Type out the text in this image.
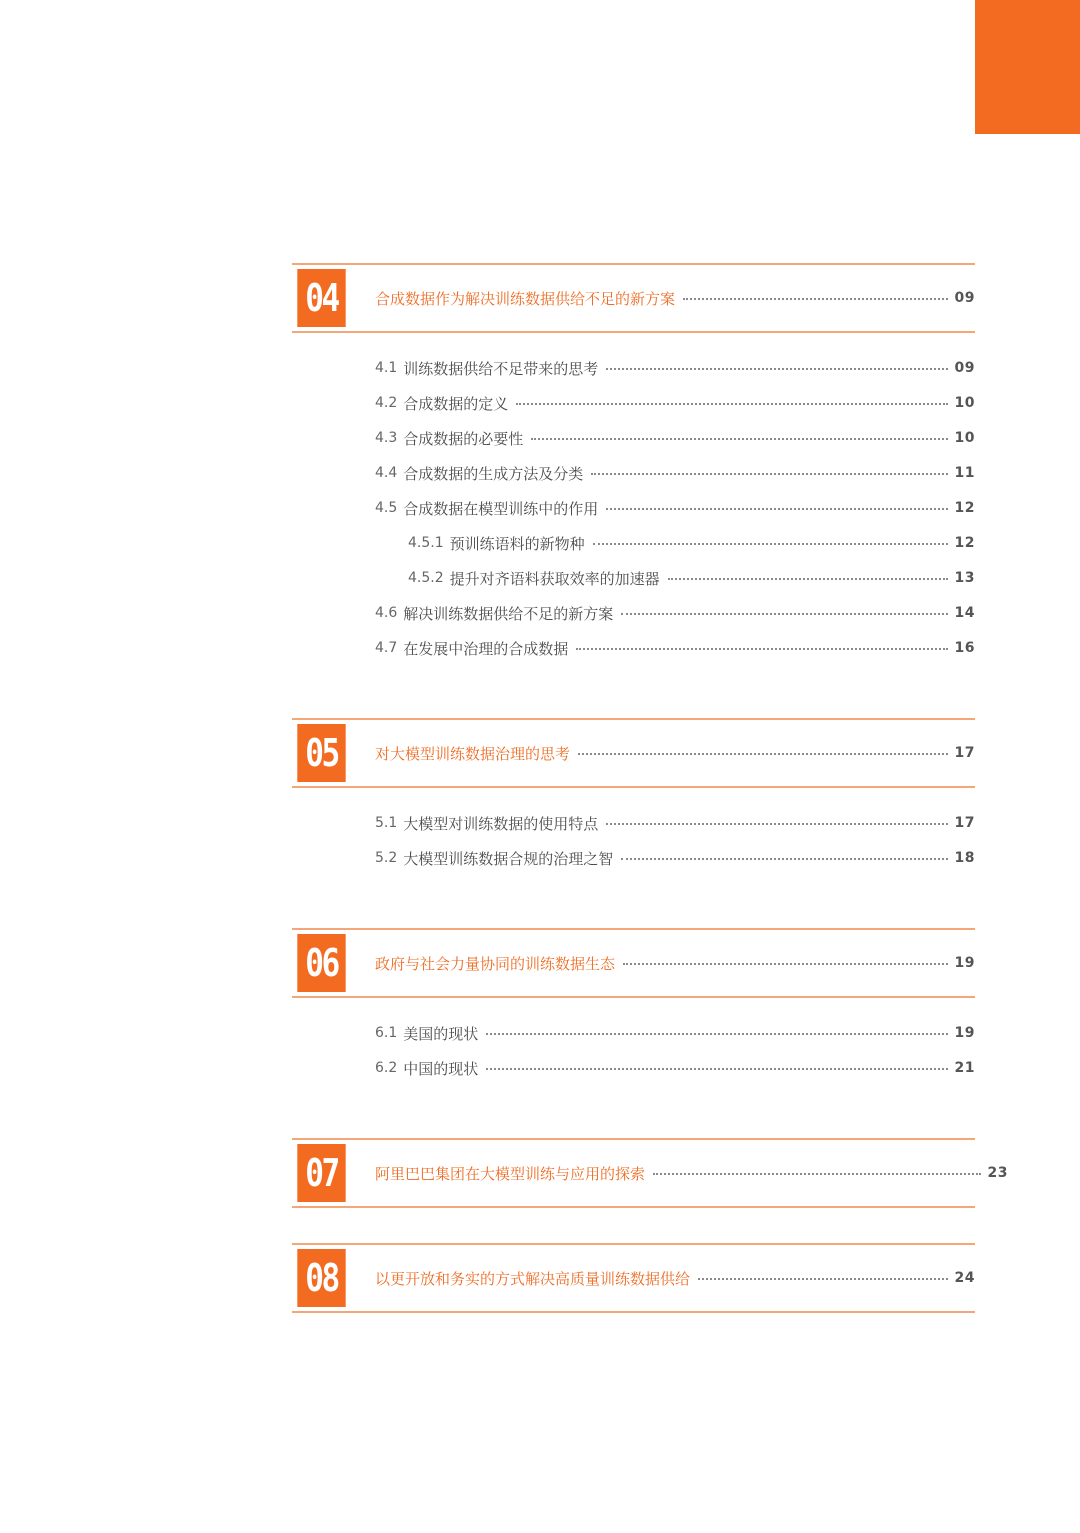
04	合成数据作为解决训练数据供给不足的新方案	09
4.1 训练数据供给不足带来的思考	09
4.2 合成数据的定义	10
4.3 合成数据的必要性	10
4.4 合成数据的生成方法及分类	11
4.5 合成数据在模型训练中的作用	12
4.5.1 预训练语料的新物种	12
4.5.2 提升对齐语料获取效率的加速器	13
4.6 解决训练数据供给不足的新方案	14
4.7 在发展中治理的合成数据	16
05	对大模型训练数据治理的思考	17
5.1 大模型对训练数据的使用特点	17
5.2 大模型训练数据合规的治理之智	18
06	政府与社会力量协同的训练数据生态	19
6.1 美国的现状	19
6.2 中国的现状	21
07	阿里巴巴集团在大模型训练与应用的探索	23
08	以更开放和务实的方式解决高质量训练数据供给	24
